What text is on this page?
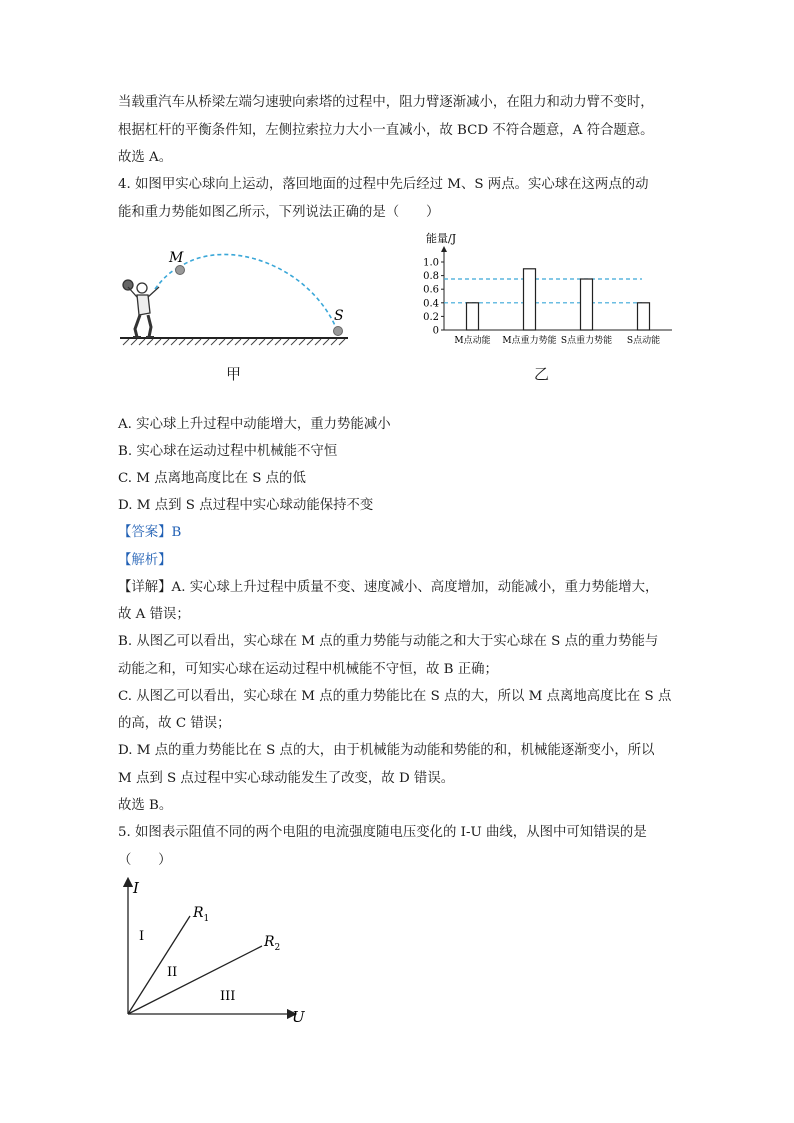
当载重汽车从桥梁左端匀速驶向索塔的过程中，阻力臂逐渐减小，在阻力和动力臂不变时，
根据杠杆的平衡条件知，左侧拉索拉力大小一直减小，故 BCD 不符合题意，A 符合题意。
故选 A。
4. 如图甲实心球向上运动，落回地面的过程中先后经过 M、S 两点。实心球在这两点的动
能和重力势能如图乙所示，下列说法正确的是（　　）
M
S
甲
能量/J
0
0.2
0.4
0.6
0.8
1.0
M点动能 M点重力势能 S点重力势能 S点动能
乙
A. 实心球上升过程中动能增大，重力势能减小
B. 实心球在运动过程中机械能不守恒
C. M 点离地高度比在 S 点的低
D. M 点到 S 点过程中实心球动能保持不变
【答案】B
【解析】
【详解】A. 实心球上升过程中质量不变、速度减小、高度增加，动能减小，重力势能增大，
故 A 错误；
B. 从图乙可以看出，实心球在 M 点的重力势能与动能之和大于实心球在 S 点的重力势能与
动能之和，可知实心球在运动过程中机械能不守恒，故 B 正确；
C. 从图乙可以看出，实心球在 M 点的重力势能比在 S 点的大，所以 M 点离地高度比在 S 点
的高，故 C 错误；
D. M 点的重力势能比在 S 点的大，由于机械能为动能和势能的和，机械能逐渐变小，所以
M 点到 S 点过程中实心球动能发生了改变，故 D 错误。
故选 B。
5. 如图表示阻值不同的两个电阻的电流强度随电压变化的 I-U 曲线，从图中可知错误的是
（　　）
I
U
$R_1$
$R_2$
I
II
III
